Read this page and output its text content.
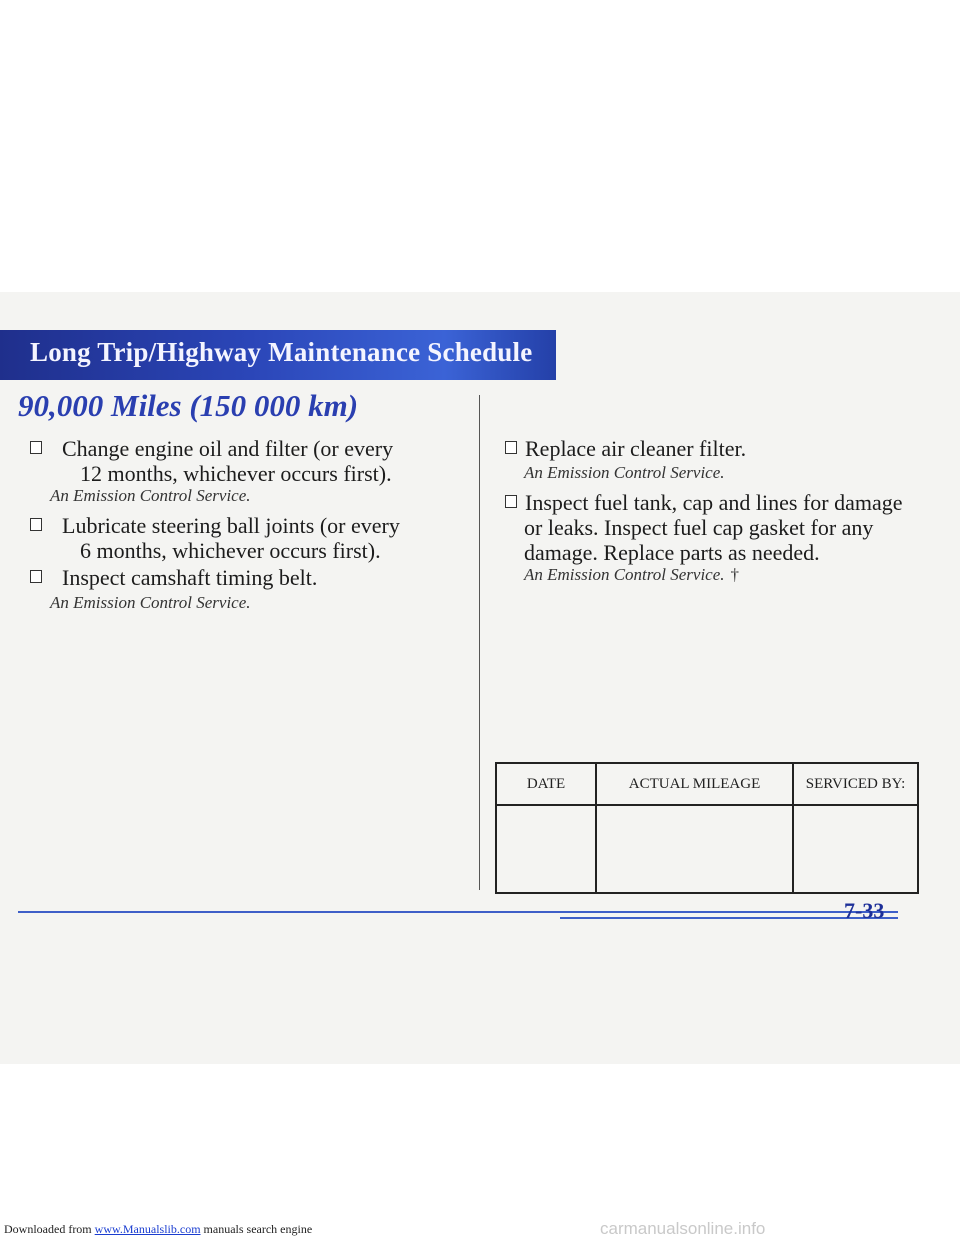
Long Trip/Highway Maintenance Schedule
90,000 Miles (150 000 km)
Change engine oil and filter (or every
12 months, whichever occurs first).
An Emission Control Service.
Lubricate steering ball joints (or every
6 months, whichever occurs first).
Inspect camshaft timing belt.
An Emission Control Service.
Replace air cleaner filter.
An Emission Control Service.
Inspect fuel tank, cap and lines for damage
or leaks. Inspect fuel cap gasket for any
damage. Replace parts as needed.
An Emission Control Service. †
DATE	ACTUAL MILEAGE	SERVICED BY:

7-33
Downloaded from www.Manualslib.com manuals search engine	carmanualsonline.info
